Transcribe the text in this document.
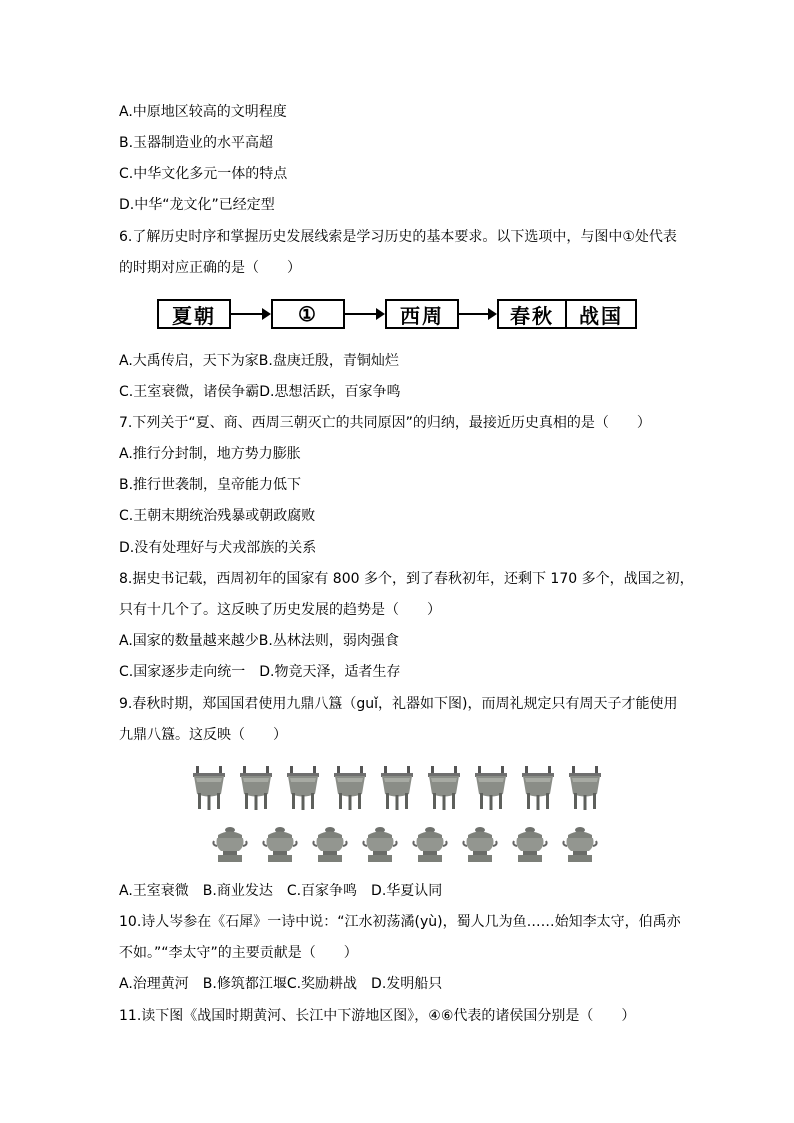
A.中原地区较高的文明程度
B.玉器制造业的水平高超
C.中华文化多元一体的特点
D.中华“龙文化”已经定型
6.了解历史时序和掌握历史发展线索是学习历史的基本要求。以下选项中，与图中①处代表
的时期对应正确的是（　　）
夏朝	①	西周	春秋	战国
A.大禹传启，天下为家B.盘庚迁殷，青铜灿烂
C.王室衰微，诸侯争霸D.思想活跃，百家争鸣
7.下列关于“夏、商、西周三朝灭亡的共同原因”的归纳，最接近历史真相的是（　　）
A.推行分封制，地方势力膨胀
B.推行世袭制，皇帝能力低下
C.王朝末期统治残暴或朝政腐败
D.没有处理好与犬戎部族的关系
8.据史书记载，西周初年的国家有 800 多个，到了春秋初年，还剩下 170 多个，战国之初，
只有十几个了。这反映了历史发展的趋势是（　　）
A.国家的数量越来越少B.丛林法则，弱肉强食
C.国家逐步走向统一　D.物竞天泽，适者生存
9.春秋时期，郑国国君使用九鼎八簋（guǐ，礼器如下图)，而周礼规定只有周天子才能使用
九鼎八簋。这反映（　　）
A.王室衰微　B.商业发达　C.百家争鸣　D.华夏认同
10.诗人岑参在《石犀》一诗中说：“江水初荡潏(yù)，蜀人几为鱼……始知李太守，伯禹亦
不如。”“李太守”的主要贡献是（　　）
A.治理黄河　B.修筑都江堰C.奖励耕战　D.发明船只
11.读下图《战国时期黄河、长江中下游地区图》，④⑥代表的诸侯国分别是（　　）
